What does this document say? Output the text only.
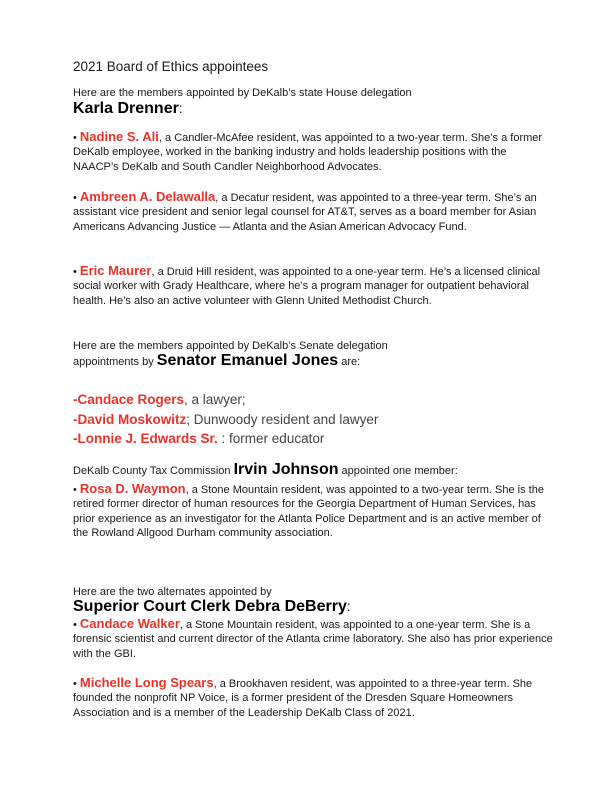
2021 Board of Ethics appointees
Here are the members appointed by DeKalb’s state House delegation
Karla Drenner:

• Nadine S. Ali, a Candler-McAfee resident, was appointed to a two-year term. She’s a former DeKalb employee, worked in the banking industry and holds leadership positions with the NAACP’s DeKalb and South Candler Neighborhood Advocates.

• Ambreen A. Delawalla, a Decatur resident, was appointed to a three-year term. She’s an assistant vice president and senior legal counsel for AT&T, serves as a board member for Asian Americans Advancing Justice — Atlanta and the Asian American Advocacy Fund.

• Eric Maurer, a Druid Hill resident, was appointed to a one-year term. He’s a licensed clinical social worker with Grady Healthcare, where he’s a program manager for outpatient behavioral health. He’s also an active volunteer with Glenn United Methodist Church.

Here are the members appointed by DeKalb’s Senate delegation
appointments by Senator Emanuel Jones are:
-Candace Rogers, a lawyer;
-David Moskowitz; Dunwoody resident and lawyer
-Lonnie J. Edwards Sr. : former educator
DeKalb County Tax Commission Irvin Johnson appointed one member:

• Rosa D. Waymon, a Stone Mountain resident, was appointed to a two-year term. She is the retired former director of human resources for the Georgia Department of Human Services, has prior experience as an investigator for the Atlanta Police Department and is an active member of the Rowland Allgood Durham community association.

Here are the two alternates appointed by
Superior Court Clerk Debra DeBerry:

• Candace Walker, a Stone Mountain resident, was appointed to a one-year term. She is a forensic scientist and current director of the Atlanta crime laboratory. She also has prior experience with the GBI.

• Michelle Long Spears, a Brookhaven resident, was appointed to a three-year term. She founded the nonprofit NP Voice, is a former president of the Dresden Square Homeowners Association and is a member of the Leadership DeKalb Class of 2021.
